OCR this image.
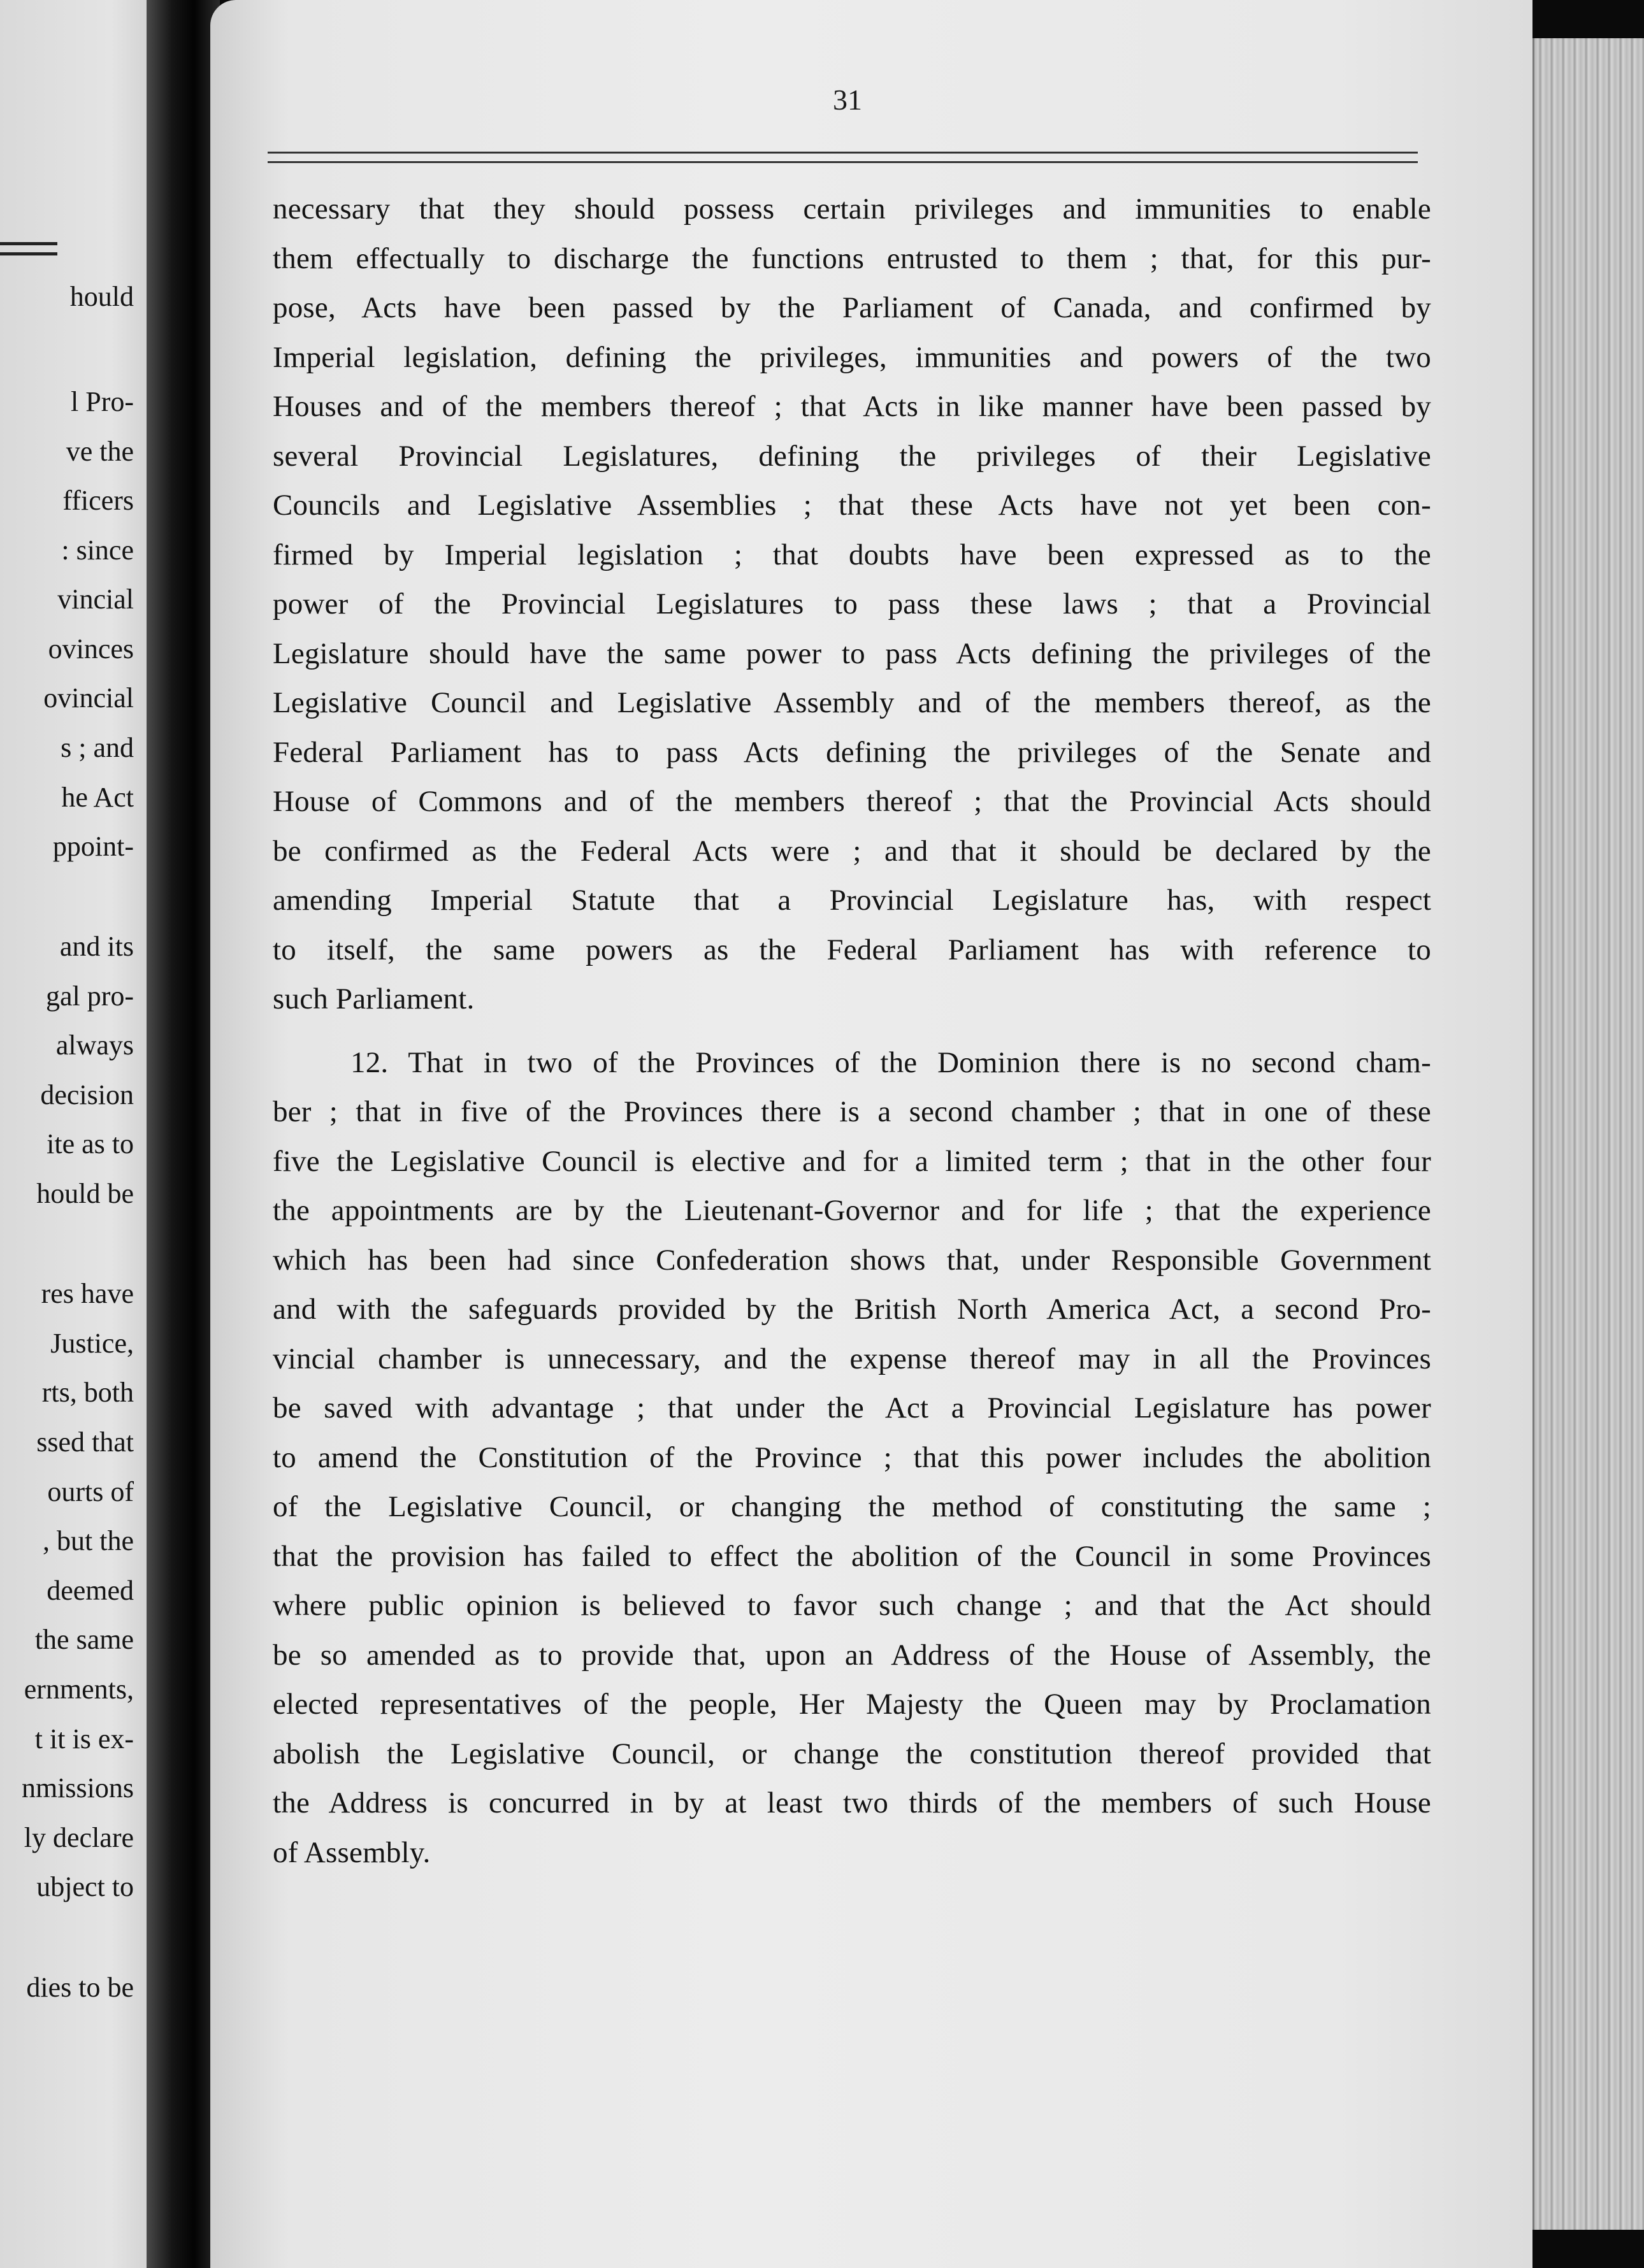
hould
l Pro-
ve the
fficers
: since
vincial
ovinces
ovincial
s ; and
he Act
ppoint-
and its
gal pro-
always
decision
ite as to
hould be
res have
Justice,
rts, both
ssed that
ourts of
, but the
deemed
the same
ernments,
t it is ex-
nmissions
ly declare
ubject to
dies to be
31
necessary that they should possess certain privileges and immunities to enable
them effectually to discharge the functions entrusted to them ; that, for this pur-
pose, Acts have been passed by the Parliament of Canada, and confirmed by
Imperial legislation, defining the privileges, immunities and powers of the two
Houses and of the members thereof ; that Acts in like manner have been passed by
several Provincial Legislatures, defining the privileges of their Legislative
Councils and Legislative Assemblies ; that these Acts have not yet been con-
firmed by Imperial legislation ; that doubts have been expressed as to the
power of the Provincial Legislatures to pass these laws ; that a Provincial
Legislature should have the same power to pass Acts defining the privileges of the
Legislative Council and Legislative Assembly and of the members thereof, as the
Federal Parliament has to pass Acts defining the privileges of the Senate and
House of Commons and of the members thereof ; that the Provincial Acts should
be confirmed as the Federal Acts were ; and that it should be declared by the
amending Imperial Statute that a Provincial Legislature has, with respect
to itself, the same powers as the Federal Parliament has with reference to
such Parliament.
12. That in two of the Provinces of the Dominion there is no second cham-
ber ; that in five of the Provinces there is a second chamber ; that in one of these
five the Legislative Council is elective and for a limited term ; that in the other four
the appointments are by the Lieutenant-Governor and for life ; that the experience
which has been had since Confederation shows that, under Responsible Government
and with the safeguards provided by the British North America Act, a second Pro-
vincial chamber is unnecessary, and the expense thereof may in all the Provinces
be saved with advantage ; that under the Act a Provincial Legislature has power
to amend the Constitution of the Province ; that this power includes the abolition
of the Legislative Council, or changing the method of constituting the same ;
that the provision has failed to effect the abolition of the Council in some Provinces
where public opinion is believed to favor such change ; and that the Act should
be so amended as to provide that, upon an Address of the House of Assembly, the
elected representatives of the people, Her Majesty the Queen may by Proclamation
abolish the Legislative Council, or change the constitution thereof provided that
the Address is concurred in by at least two thirds of the members of such House
of Assembly.
